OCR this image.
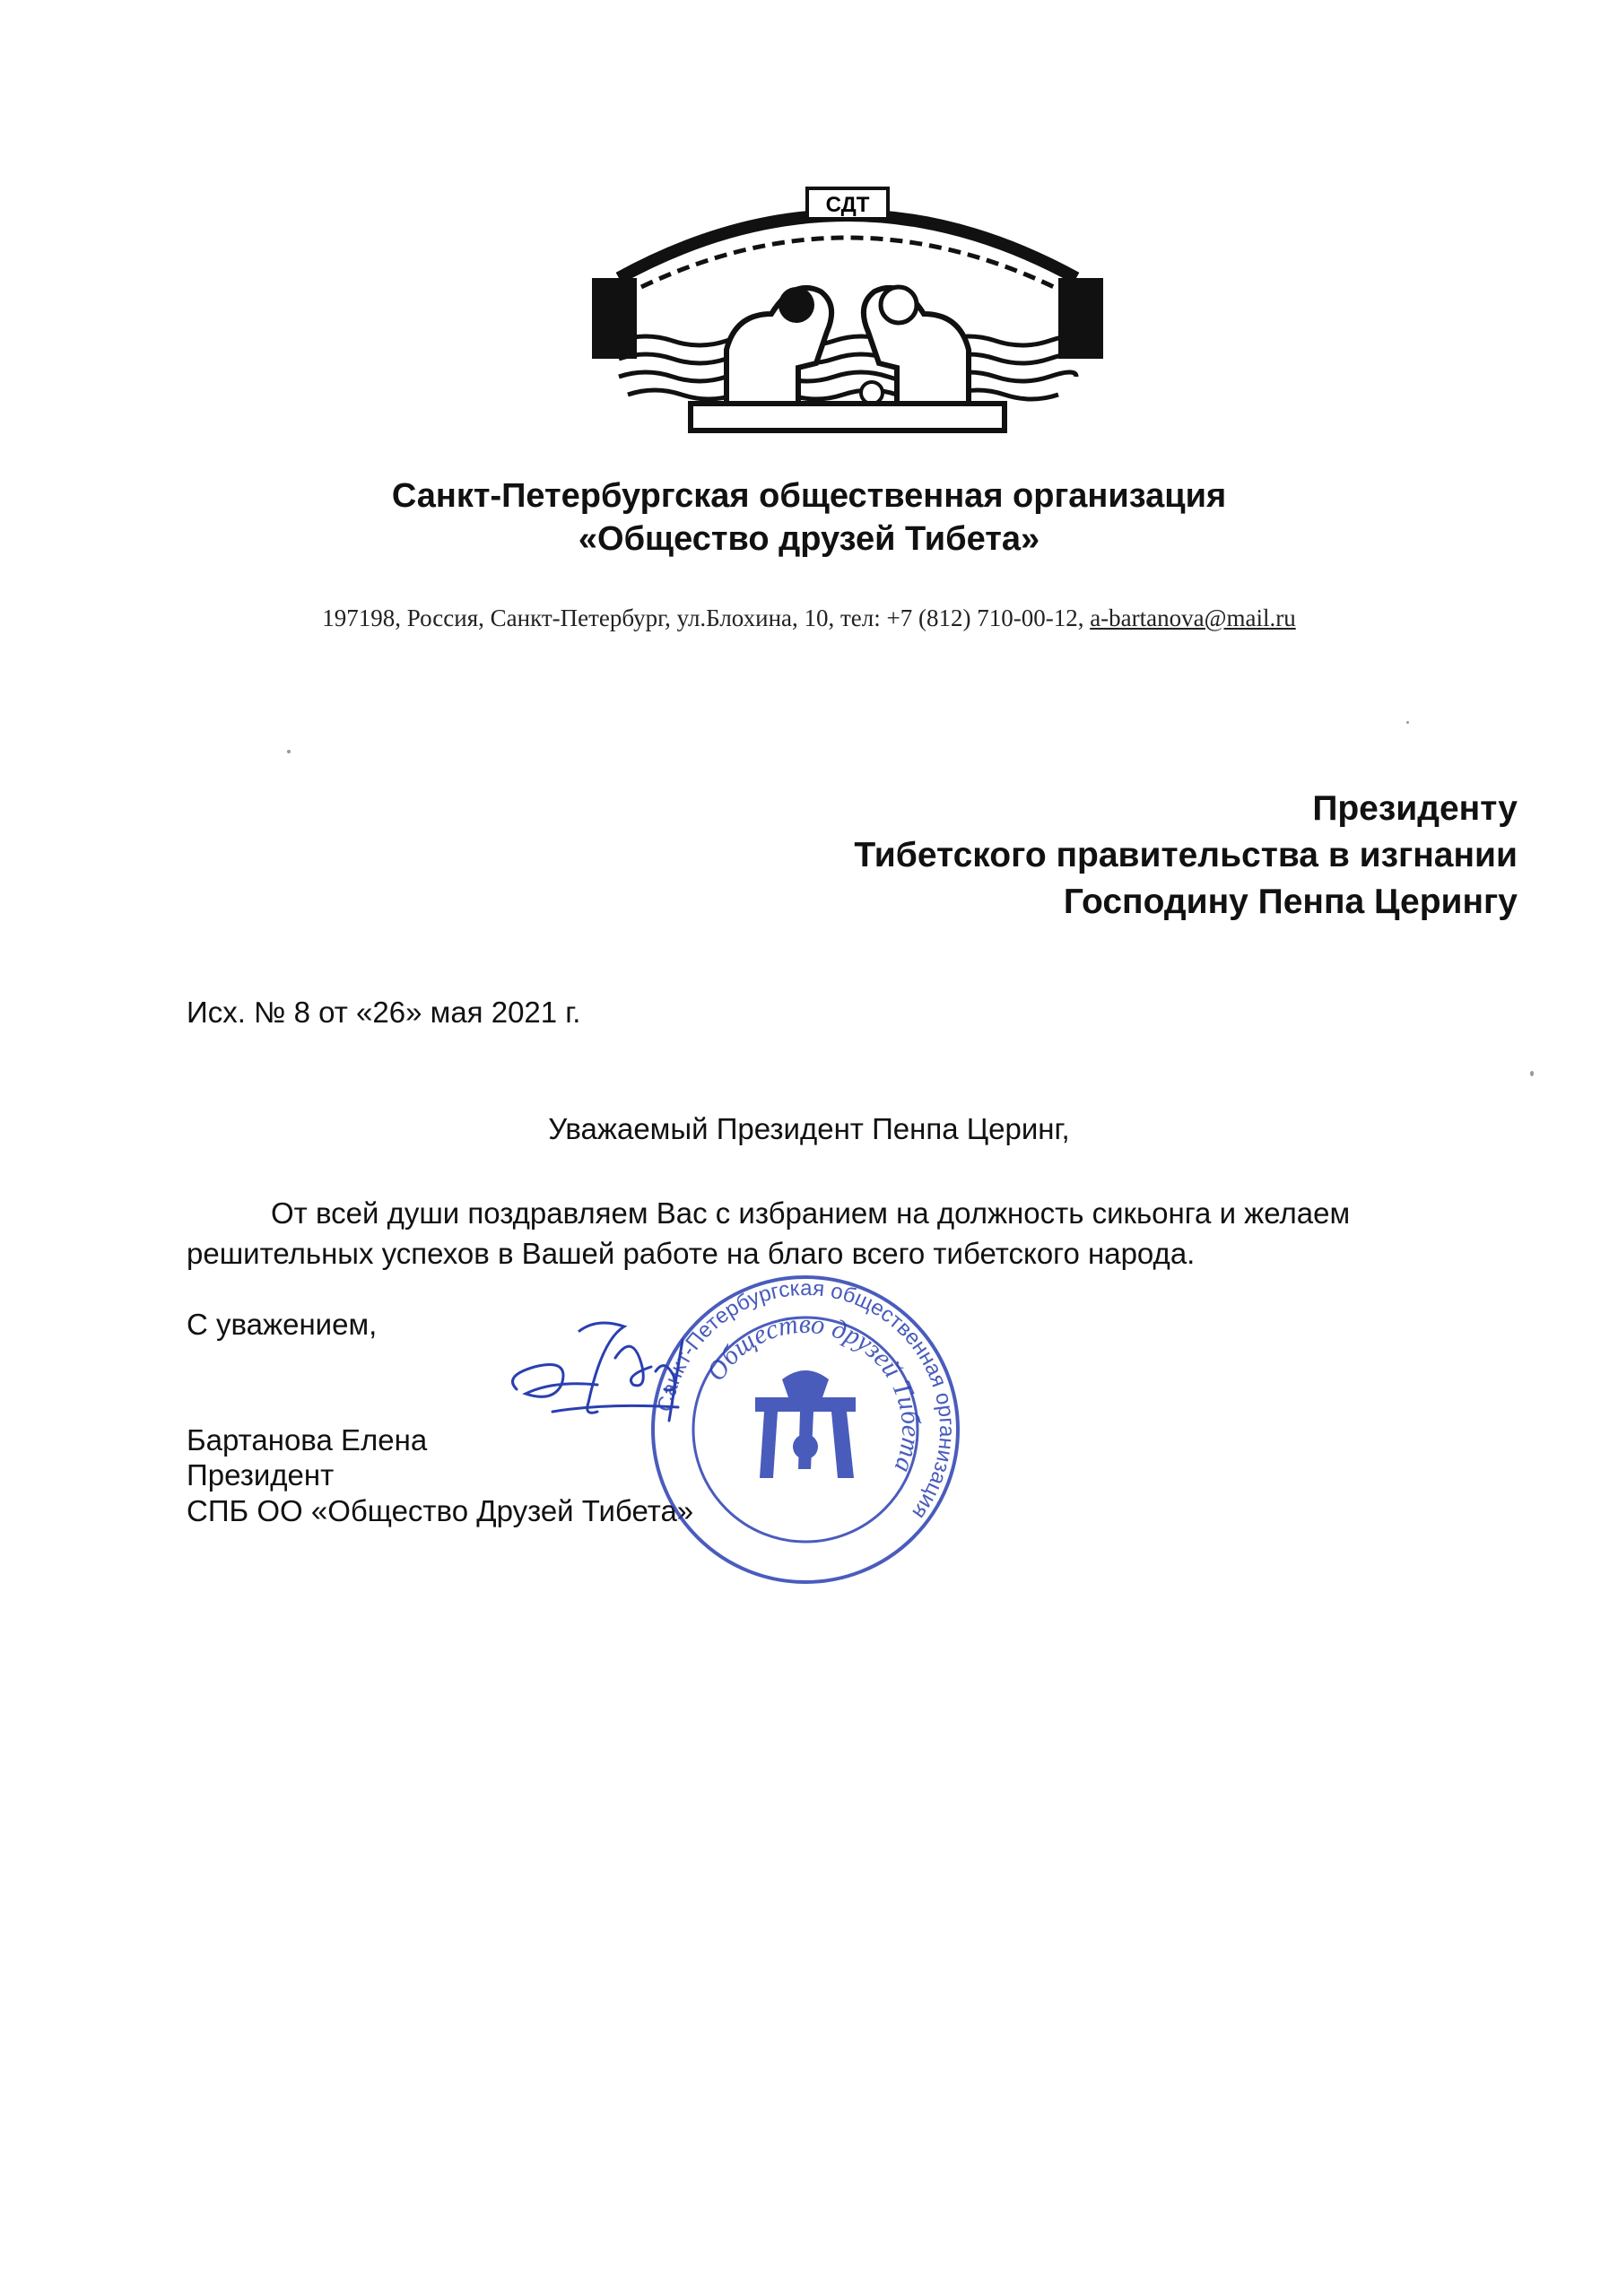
СДТ
Санкт-Петербургская общественная организация
«Общество друзей Тибета»
197198, Россия, Санкт-Петербург, ул.Блохина, 10, тел: +7 (812) 710-00-12, a-bartanova@mail.ru
Президенту
Тибетского правительства в изгнании
Господину Пенпа Церингу
Исх. № 8 от «26» мая 2021 г.
Уважаемый Президент Пенпа Церинг,
От всей души поздравляем Вас с избранием на должность сикьонга и желаем
решительных успехов в Вашей работе на благо всего тибетского народа.
С уважением,
Бартанова Елена
Президент
СПБ ОО «Общество Друзей Тибета»
Санкт-Петербургская общественная организация
Общество друзей Тибета
